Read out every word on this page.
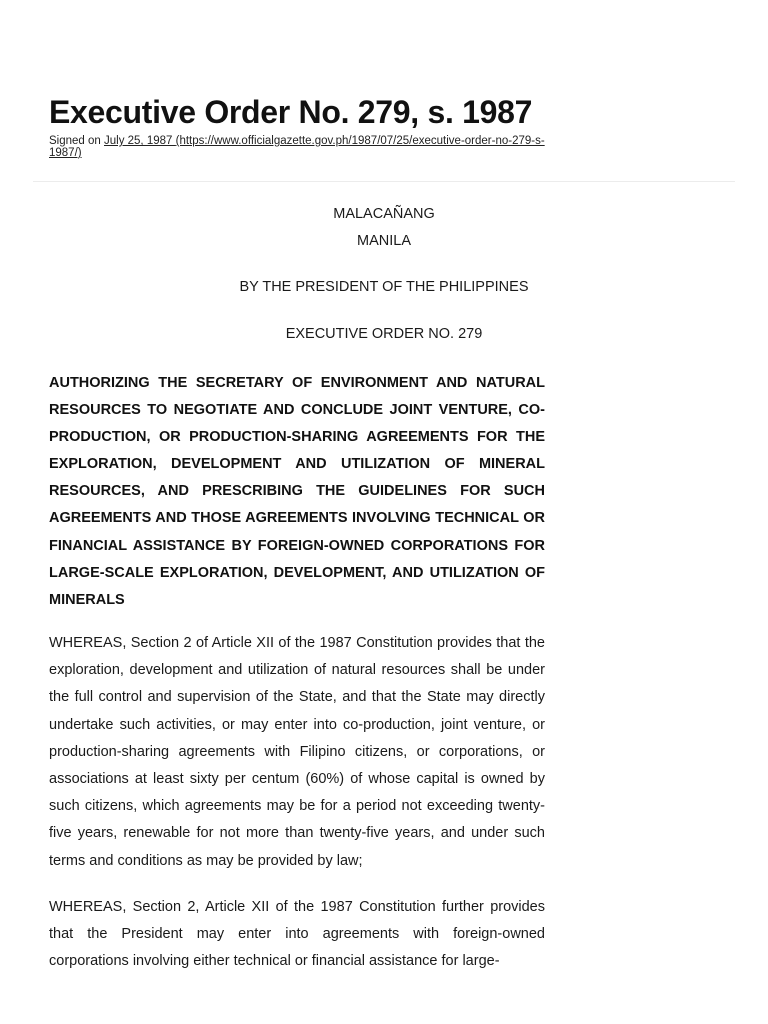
Executive Order No. 279, s. 1987

Signed on July 25, 1987 (https://www.officialgazette.gov.ph/1987/07/25/executive-order-no-279-s-1987/)

MALACAÑANG

MANILA

BY THE PRESIDENT OF THE PHILIPPINES

EXECUTIVE ORDER NO. 279

AUTHORIZING THE SECRETARY OF ENVIRONMENT AND NATURAL RESOURCES TO NEGOTIATE AND CONCLUDE JOINT VENTURE, CO-PRODUCTION, OR PRODUCTION-SHARING AGREEMENTS FOR THE EXPLORATION, DEVELOPMENT AND UTILIZATION OF MINERAL RESOURCES, AND PRESCRIBING THE GUIDELINES FOR SUCH AGREEMENTS AND THOSE AGREEMENTS INVOLVING TECHNICAL OR FINANCIAL ASSISTANCE BY FOREIGN-OWNED CORPORATIONS FOR LARGE-SCALE EXPLORATION, DEVELOPMENT, AND UTILIZATION OF MINERALS

WHEREAS, Section 2 of Article XII of the 1987 Constitution provides that the exploration, development and utilization of natural resources shall be under the full control and supervision of the State, and that the State may directly undertake such activities, or may enter into co-production, joint venture, or production-sharing agreements with Filipino citizens, or corporations, or associations at least sixty per centum (60%) of whose capital is owned by such citizens, which agreements may be for a period not exceeding twenty-five years, renewable for not more than twenty-five years, and under such terms and conditions as may be provided by law;

WHEREAS, Section 2, Article XII of the 1987 Constitution further provides that the President may enter into agreements with foreign-owned corporations involving either technical or financial assistance for large-
